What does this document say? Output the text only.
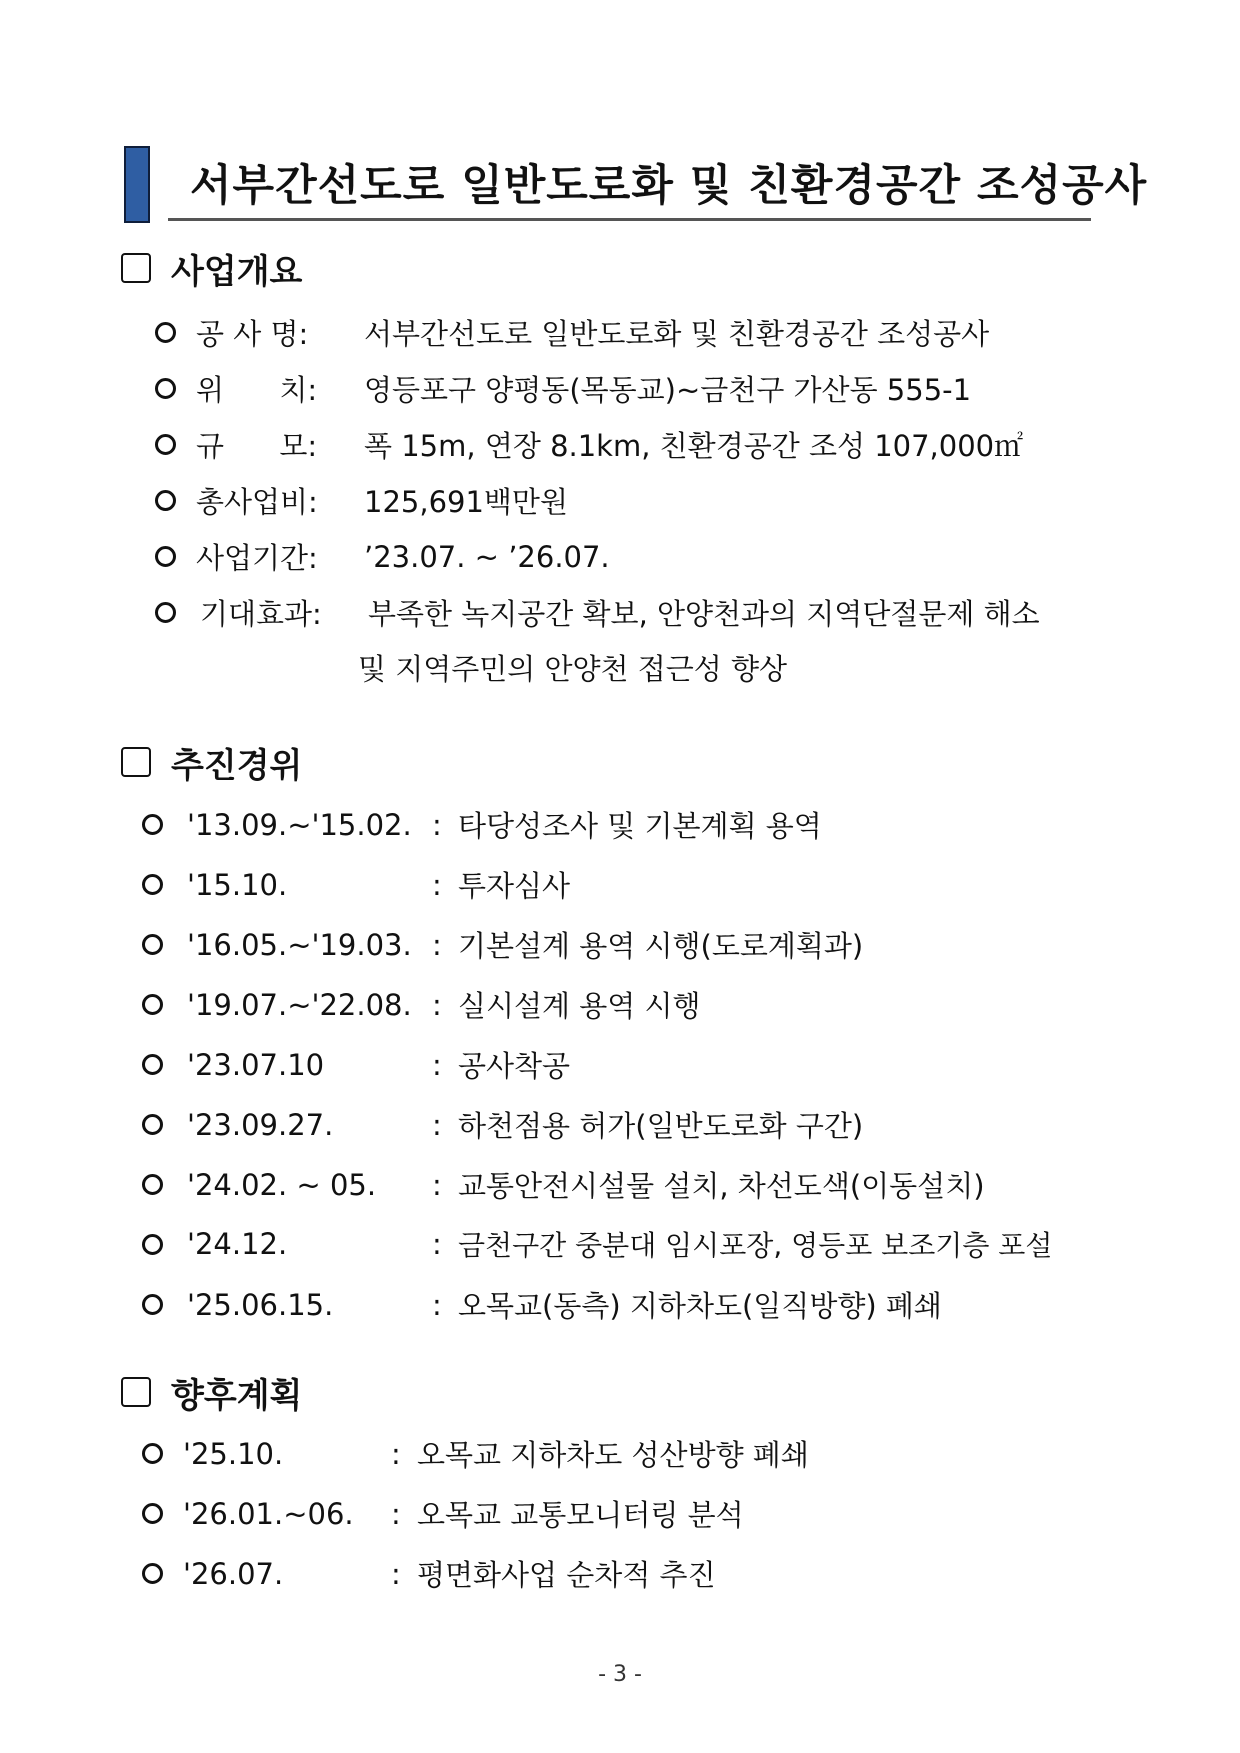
서부간선도로 일반도로화 및 친환경공간 조성공사
사업개요
공 사 명:	서부간선도로 일반도로화 및 친환경공간 조성공사
위      치:	영등포구 양평동(목동교)~금천구 가산동 555-1
규      모:	폭 15m, 연장 8.1km, 친환경공간 조성 107,000㎡
총사업비:	125,691백만원
사업기간:	’23.07. ~ ’26.07.
기대효과:	부족한 녹지공간 확보, 안양천과의 지역단절문제 해소
및 지역주민의 안양천 접근성 향상
추진경위
'13.09.~'15.02. : 타당성조사 및 기본계획 용역
'15.10.	: 투자심사
'16.05.~'19.03. : 기본설계 용역 시행(도로계획과)
'19.07.~'22.08. : 실시설계 용역 시행
'23.07.10	: 공사착공
'23.09.27.	: 하천점용 허가(일반도로화 구간)
'24.02. ~ 05.	: 교통안전시설물 설치, 차선도색(이동설치)
'24.12.	: 금천구간 중분대 임시포장, 영등포 보조기층 포설
'25.06.15.	: 오목교(동측) 지하차도(일직방향) 폐쇄
향후계획
'25.10.	: 오목교 지하차도 성산방향 폐쇄
'26.01.~06.	: 오목교 교통모니터링 분석
'26.07.	: 평면화사업 순차적 추진
- 3 -
